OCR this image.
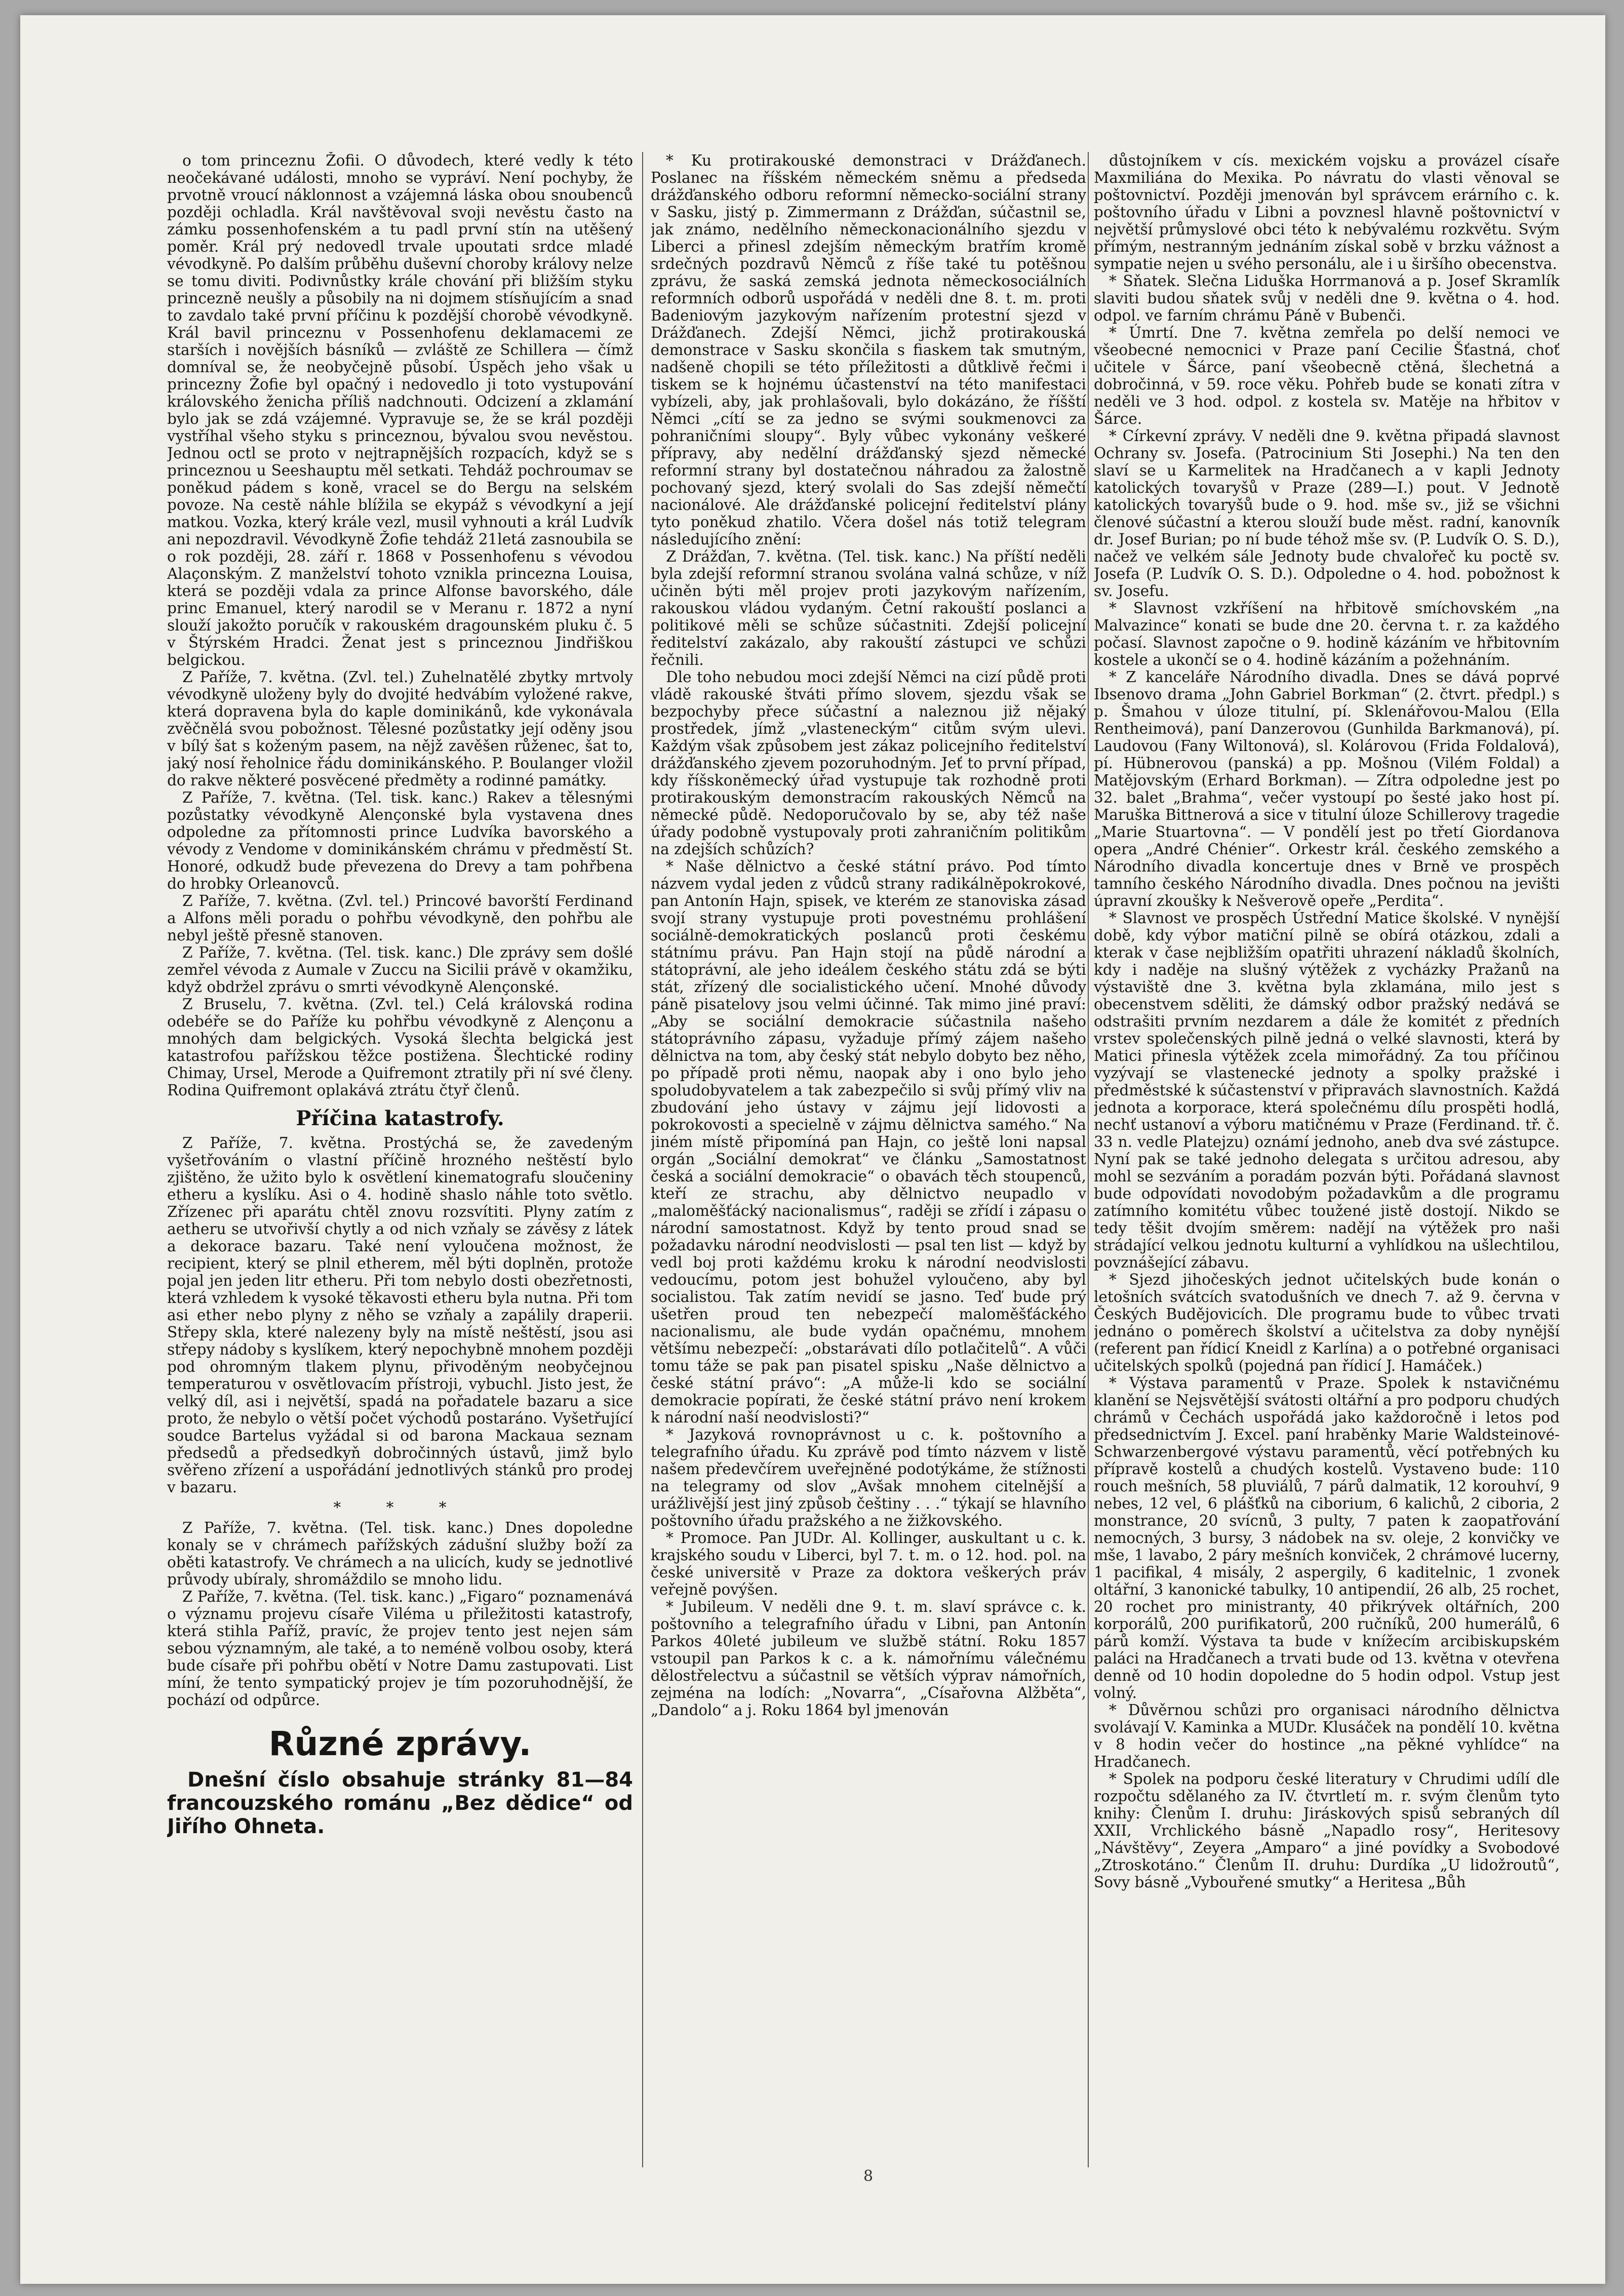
o tom princeznu Žofii. O důvodech, které vedly k této neočekávané události, mnoho se vypráví. Není pochyby, že prvotně vroucí náklonnost a vzájemná láska obou snoubenců později ochladla. Král navštěvoval svoji nevěstu často na zámku possenhofenském a tu padl první stín na utěšený poměr. Král prý nedovedl trvale upoutati srdce mladé vévodkyně. Po dalším průběhu duševní choroby královy nelze se tomu diviti. Podivnůstky krále chování při bližším styku princezně neušly a působily na ni dojmem stísňujícím a snad to zavdalo také první příčinu k pozdější chorobě vévodkyně. Král bavil princeznu v Possenhofenu deklamacemi ze starších i novějších básníků — zvláště ze Schillera — čímž domníval se, že neobyčejně působí. Úspěch jeho však u princezny Žofie byl opačný i nedovedlo ji toto vystupování královského ženicha příliš nadchnouti. Odcizení a zklamání bylo jak se zdá vzájemné. Vypravuje se, že se král později vystříhal všeho styku s princeznou, bývalou svou nevěstou. Jednou octl se proto v nejtrapnějších rozpacích, když se s princeznou u Seeshauptu měl setkati. Tehdáž pochroumav se poněkud pádem s koně, vracel se do Bergu na selském povoze. Na cestě náhle blížila se ekypáž s vévodkyní a její matkou. Vozka, který krále vezl, musil vyhnouti a král Ludvík ani nepozdravil. Vévodkyně Žofie tehdáž 21letá zasnoubila se o rok později, 28. září r. 1868 v Possenhofenu s vévodou Alaçonským. Z manželství tohoto vznikla princezna Louisa, která se později vdala za prince Alfonse bavorského, dále princ Emanuel, který narodil se v Meranu r. 1872 a nyní slouží jakožto poručík v rakouském dragounském pluku č. 5 v Štýrském Hradci. Ženat jest s princeznou Jindřiškou belgickou.

Z Paříže, 7. května. (Zvl. tel.) Zuhelnatělé zbytky mrtvoly vévodkyně uloženy byly do dvojité hedvábím vyložené rakve, která dopravena byla do kaple dominikánů, kde vykonávala zvěčnělá svou pobožnost. Tělesné pozůstatky její oděny jsou v bílý šat s koženým pasem, na nějž zavěšen růženec, šat to, jaký nosí řeholnice řádu dominikánského. P. Boulanger vložil do rakve některé posvěcené předměty a rodinné památky.

Z Paříže, 7. května. (Tel. tisk. kanc.) Rakev a tělesnými pozůstatky vévodkyně Alençonské byla vystavena dnes odpoledne za přítomnosti prince Ludvíka bavorského a vévody z Vendome v dominikánském chrámu v předměstí St. Honoré, odkudž bude převezena do Drevy a tam pohřbena do hrobky Orleanovců.

Z Paříže, 7. května. (Zvl. tel.) Princové bavorští Ferdinand a Alfons měli poradu o pohřbu vévodkyně, den pohřbu ale nebyl ještě přesně stanoven.

Z Paříže, 7. května. (Tel. tisk. kanc.) Dle zprávy sem došlé zemřel vévoda z Aumale v Zuccu na Sicilii právě v okamžiku, když obdržel zprávu o smrti vévodkyně Alençonské.

Z Bruselu, 7. května. (Zvl. tel.) Celá královská rodina odebéře se do Paříže ku pohřbu vévodkyně z Alençonu a mnohých dam belgických. Vysoká šlechta belgická jest katastrofou pařížskou těžce postižena. Šlechtické rodiny Chimay, Ursel, Merode a Quifremont ztratily při ní své členy. Rodina Quifremont oplakává ztrátu čtyř členů.

Příčina katastrofy.

Z Paříže, 7. května. Prostýchá se, že zavedeným vyšetřováním o vlastní příčině hrozného neštěstí bylo zjištěno, že užito bylo k osvětlení kinematografu sloučeniny etheru a kyslíku. Asi o 4. hodině shaslo náhle toto světlo. Zřízenec při aparátu chtěl znovu rozsvítiti. Plyny zatím z aetheru se utvořivší chytly a od nich vzňaly se závěsy z látek a dekorace bazaru. Také není vyloučena možnost, že recipient, který se plnil etherem, měl býti doplněn, protože pojal jen jeden litr etheru. Při tom nebylo dosti obezřetnosti, která vzhledem k vysoké těkavosti etheru byla nutna. Při tom asi ether nebo plyny z něho se vzňaly a zapálily draperii. Střepy skla, které nalezeny byly na místě neštěstí, jsou asi střepy nádoby s kyslíkem, který nepochybně mnohem později pod ohromným tlakem plynu, přivoděným neobyčejnou temperaturou v osvětlovacím přístroji, vybuchl. Jisto jest, že velký díl, asi i největší, spadá na pořadatele bazaru a sice proto, že nebylo o větší počet východů postaráno. Vyšetřující soudce Bartelus vyžádal si od barona Mackaua seznam předsedů a předsedkyň dobročinných ústavů, jimž bylo svěřeno zřízení a uspořádání jednotlivých stánků pro prodej v bazaru.

* * *

Z Paříže, 7. května. (Tel. tisk. kanc.) Dnes dopoledne konaly se v chrámech pařížských zádušní služby boží za oběti katastrofy. Ve chrámech a na ulicích, kudy se jednotlivé průvody ubíraly, shromáždilo se mnoho lidu.

Z Paříže, 7. května. (Tel. tisk. kanc.) „Figaro“ poznamenává o významu projevu císaře Viléma u přiležitosti katastrofy, která stihla Paříž, pravíc, že projev tento jest nejen sám sebou významným, ale také, a to neméně volbou osoby, která bude císaře při pohřbu obětí v Notre Damu zastupovati. List míní, že tento sympatický projev je tím pozoruhodnější, že pochází od odpůrce.

Různé zprávy.

Dnešní číslo obsahuje stránky 81—84 francouzského románu „Bez dědice“ od Jiřího Ohneta.

* Ku protirakouské demonstraci v Drážďanech. Poslanec na říšském německém sněmu a předseda drážďanského odboru reformní německo-sociální strany v Sasku, jistý p. Zimmermann z Drážďan, súčastnil se, jak známo, nedělního německonacionálního sjezdu v Liberci a přinesl zdejším německým bratřím kromě srdečných pozdravů Němců z říše také tu potěšnou zprávu, že saská zemská jednota německosociálních reformních odborů uspořádá v neděli dne 8. t. m. proti Badeniovým jazykovým nařízením protestní sjezd v Drážďanech. Zdejší Němci, jichž protirakouská demonstrace v Sasku skončila s fiaskem tak smutným, nadšeně chopili se této příležitosti a důtklivě řečmi i tiskem se k hojnému účastenství na této manifestaci vybízeli, aby, jak prohlašovali, bylo dokázáno, že říšští Němci „cítí se za jedno se svými soukmenovci za pohraničními sloupy“. Byly vůbec vykonány veškeré přípravy, aby nedělní drážďanský sjezd německé reformní strany byl dostatečnou náhradou za žalostně pochovaný sjezd, který svolali do Sas zdejší němečtí nacionálové. Ale drážďanské policejní ředitelství plány tyto poněkud zhatilo. Včera došel nás totiž telegram následujícího znění:

Z Drážďan, 7. května. (Tel. tisk. kanc.) Na příští neděli byla zdejší reformní stranou svolána valná schůze, v níž učiněn býti měl projev proti jazykovým nařízením, rakouskou vládou vydaným. Četní rakouští poslanci a politikové měli se schůze súčastniti. Zdejší policejní ředitelství zakázalo, aby rakouští zástupci ve schůzi řečnili.

Dle toho nebudou moci zdejší Němci na cizí půdě proti vládě rakouské štváti přímo slovem, sjezdu však se bezpochyby přece súčastní a naleznou již nějaký prostředek, jímž „vlasteneckým“ citům svým ulevi. Každým však způsobem jest zákaz policejního ředitelství drážďanského zjevem pozoruhodným. Jeť to první případ, kdy říšskoněmecký úřad vystupuje tak rozhodně proti protirakouským demonstracím rakouských Němců na německé půdě. Nedoporučovalo by se, aby též naše úřady podobně vystupovaly proti zahraničním politikům na zdejších schůzích?

* Naše dělnictvo a české státní právo. Pod tímto názvem vydal jeden z vůdců strany radikálněpokrokové, pan Antonín Hajn, spisek, ve kterém ze stanoviska zásad svojí strany vystupuje proti povestnému prohlášení sociálně-demokratických poslanců proti českému státnímu právu. Pan Hajn stojí na půdě národní a státoprávní, ale jeho ideálem českého státu zdá se býti stát, zřízený dle socialistického učení. Mnohé důvody páně pisatelovy jsou velmi účinné. Tak mimo jiné praví: „Aby se sociální demokracie súčastnila našeho státoprávního zápasu, vyžaduje přímý zájem našeho dělnictva na tom, aby český stát nebylo dobyto bez něho, po případě proti němu, naopak aby i ono bylo jeho spoludobyvatelem a tak zabezpečilo si svůj přímý vliv na zbudování jeho ústavy v zájmu její lidovosti a pokrokovosti a specielně v zájmu dělnictva samého.“ Na jiném místě připomíná pan Hajn, co ještě loni napsal orgán „Sociální demokrat“ ve článku „Samostatnost česká a sociální demokracie“ o obavách těch stoupenců, kteří ze strachu, aby dělnictvo neupadlo v „maloměšťácký nacionalismus“, raději se zřídí i zápasu o národní samostatnost. Když by tento proud snad se požadavku národní neodvislosti — psal ten list — když by vedl boj proti každému kroku k národní neodvislosti vedoucímu, potom jest bohužel vyloučeno, aby byl socialistou. Tak zatím nevidí se jasno. Teď bude prý ušetřen proud ten nebezpečí maloměšťáckého nacionalismu, ale bude vydán opačnému, mnohem většímu nebezpečí: „obstarávati dílo potlačitelů“. A vůči tomu táže se pak pan pisatel spisku „Naše dělnictvo a české státní právo“: „A může-li kdo se sociální demokracie popírati, že české státní právo není krokem k národní naší neodvislosti?“

* Jazyková rovnoprávnost u c. k. poštovního a telegrafního úřadu. Ku zprávě pod tímto názvem v listě našem předevčírem uveřejněné podotýkáme, že stížnosti na telegramy od slov „Avšak mnohem citelnější a urážlivější jest jiný způsob češtiny . . .“ týkají se hlavního poštovního úřadu pražského a ne žižkovského.

* Promoce. Pan JUDr. Al. Kollinger, auskultant u c. k. krajského soudu v Liberci, byl 7. t. m. o 12. hod. pol. na české universitě v Praze za doktora veškerých práv veřejně povýšen.

* Jubileum. V neděli dne 9. t. m. slaví správce c. k. poštovního a telegrafního úřadu v Libni, pan Antonín Parkos 40leté jubileum ve službě státní. Roku 1857 vstoupil pan Parkos k c. a k. námořnímu válečnému dělostřelectvu a súčastnil se větších výprav námořních, zejména na lodích: „Novarra“, „Císařovna Alžběta“, „Dandolo“ a j. Roku 1864 byl jmenován

důstojníkem v cís. mexickém vojsku a provázel císaře Maxmiliána do Mexika. Po návratu do vlasti věnoval se poštovnictví. Později jmenován byl správcem erárního c. k. poštovního úřadu v Libni a povznesl hlavně poštovnictví v největší průmyslové obci této k nebývalému rozkvětu. Svým přímým, nestranným jednáním získal sobě v brzku vážnost a sympatie nejen u svého personálu, ale i u širšího obecenstva.

* Sňatek. Slečna Liduška Horrmanová a p. Josef Skramlík slaviti budou sňatek svůj v neděli dne 9. května o 4. hod. odpol. ve farním chrámu Páně v Bubenči.

* Úmrtí. Dne 7. května zemřela po delší nemoci ve všeobecné nemocnici v Praze paní Cecilie Šťastná, choť učitele v Šárce, paní všeobecně ctěná, šlechetná a dobročinná, v 59. roce věku. Pohřeb bude se konati zítra v neděli ve 3 hod. odpol. z kostela sv. Matěje na hřbitov v Šárce.

* Církevní zprávy. V neděli dne 9. května připadá slavnost Ochrany sv. Josefa. (Patrocinium Sti Josephi.) Na ten den slaví se u Karmelitek na Hradčanech a v kapli Jednoty katolických tovaryšů v Praze (289—I.) pout. V Jednotě katolických tovaryšů bude o 9. hod. mše sv., již se všichni členové súčastní a kterou slouží bude měst. radní, kanovník dr. Josef Burian; po ní bude téhož mše sv. (P. Ludvík O. S. D.), načež ve velkém sále Jednoty bude chvalořeč ku poctě sv. Josefa (P. Ludvík O. S. D.). Odpoledne o 4. hod. pobožnost k sv. Josefu.

* Slavnost vzkříšení na hřbitově smíchovském „na Malvazince“ konati se bude dne 20. června t. r. za každého počasí. Slavnost započne o 9. hodině kázáním ve hřbitovním kostele a ukončí se o 4. hodině kázáním a požehnáním.

* Z kanceláře Národního divadla. Dnes se dává poprvé Ibsenovo drama „John Gabriel Borkman“ (2. čtvrt. předpl.) s p. Šmahou v úloze titulní, pí. Sklenářovou-Malou (Ella Rentheimová), paní Danzerovou (Gunhilda Barkmanová), pí. Laudovou (Fany Wiltonová), sl. Kolárovou (Frida Foldalová), pí. Hübnerovou (panská) a pp. Mošnou (Vilém Foldal) a Matějovským (Erhard Borkman). — Zítra odpoledne jest po 32. balet „Brahma“, večer vystoupí po šesté jako host pí. Maruška Bittnerová a sice v titulní úloze Schillerovy tragedie „Marie Stuartovna“. — V pondělí jest po třetí Giordanova opera „André Chénier“. Orkestr král. českého zemského a Národního divadla koncertuje dnes v Brně ve prospěch tamního českého Národního divadla. Dnes počnou na jevišti úpravní zkoušky k Nešverově opeře „Perdita“.

* Slavnost ve prospěch Ústřední Matice školské. V nynější době, kdy výbor matiční pilně se obírá otázkou, zdali a kterak v čase nejbližším opatřiti uhrazení nákladů školních, kdy i naděje na slušný výtěžek z vycházky Pražanů na výstaviště dne 3. května byla zklamána, milo jest s obecenstvem sděliti, že dámský odbor pražský nedává se odstrašiti prvním nezdarem a dále že komitét z předních vrstev společenských pilně jedná o velké slavnosti, která by Matici přinesla výtěžek zcela mimořádný. Za tou příčinou vyzývají se vlastenecké jednoty a spolky pražské i předměstské k súčastenství v připravách slavnostních. Každá jednota a korporace, která společnému dílu prospěti hodlá, nechť ustanoví a výboru matičnému v Praze (Ferdinand. tř. č. 33 n. vedle Platejzu) oznámí jednoho, aneb dva své zástupce. Nyní pak se také jednoho delegata s určitou adresou, aby mohl se sezváním a poradám pozván býti. Pořádaná slavnost bude odpovídati novodobým požadavkům a dle programu zatímního komitétu vůbec toužené jistě dostojí. Nikdo se tedy těšit dvojím směrem: nadějí na výtěžek pro naši strádající velkou jednotu kulturní a vyhlídkou na ušlechtilou, povznášející zábavu.

* Sjezd jihočeských jednot učitelských bude konán o letošních svátcích svatodušních ve dnech 7. až 9. června v Českých Budějovicích. Dle programu bude to vůbec trvati jednáno o poměrech školství a učitelstva za doby nynější (referent pan řídicí Kneidl z Karlína) a o potřebné organisaci učitelských spolků (pojedná pan řídicí J. Hamáček.)

* Výstava paramentů v Praze. Spolek k nstavičnému klanění se Nejsvětější svátosti oltářní a pro podporu chudých chrámů v Čechách uspořádá jako každoročně i letos pod předsednictvím J. Excel. paní hraběnky Marie Waldsteinové-Schwarzenbergové výstavu paramentů, věcí potřebných ku přípravě kostelů a chudých kostelů. Vystaveno bude: 110 rouch mešních, 58 pluviálů, 7 párů dalmatik, 12 korouhví, 9 nebes, 12 vel, 6 plášťků na ciborium, 6 kalichů, 2 ciboria, 2 monstrance, 20 svícnů, 3 pulty, 7 paten k zaopatřování nemocných, 3 bursy, 3 nádobek na sv. oleje, 2 konvičky ve mše, 1 lavabo, 2 páry mešních konviček, 2 chrámové lucerny, 1 pacifikal, 4 misály, 2 aspergily, 6 kaditelnic, 1 zvonek oltářní, 3 kanonické tabulky, 10 antipendií, 26 alb, 25 rochet, 20 rochet pro ministranty, 40 přikrývek oltářních, 200 korporálů, 200 purifikatorů, 200 ručníků, 200 humerálů, 6 párů komží. Výstava ta bude v knížecím arcibiskupském paláci na Hradčanech a trvati bude od 13. května v otevřena denně od 10 hodin dopoledne do 5 hodin odpol. Vstup jest volný.

* Důvěrnou schůzi pro organisaci národního dělnictva svolávají V. Kaminka a MUDr. Klusáček na pondělí 10. května v 8 hodin večer do hostince „na pěkné vyhlídce“ na Hradčanech.

* Spolek na podporu české literatury v Chrudimi udílí dle rozpočtu sdělaného za IV. čtvrtletí m. r. svým členům tyto knihy: Členům I. druhu: Jiráskových spisů sebraných díl XXII, Vrchlického básně „Napadlo rosy“, Heritesovy „Návštěvy“, Zeyera „Amparo“ a jiné povídky a Svobodové „Ztroskotáno.“ Členům II. druhu: Durdíka „U lidožroutů“, Sovy básně „Vybouřené smutky“ a Heritesa „Bůh

8
